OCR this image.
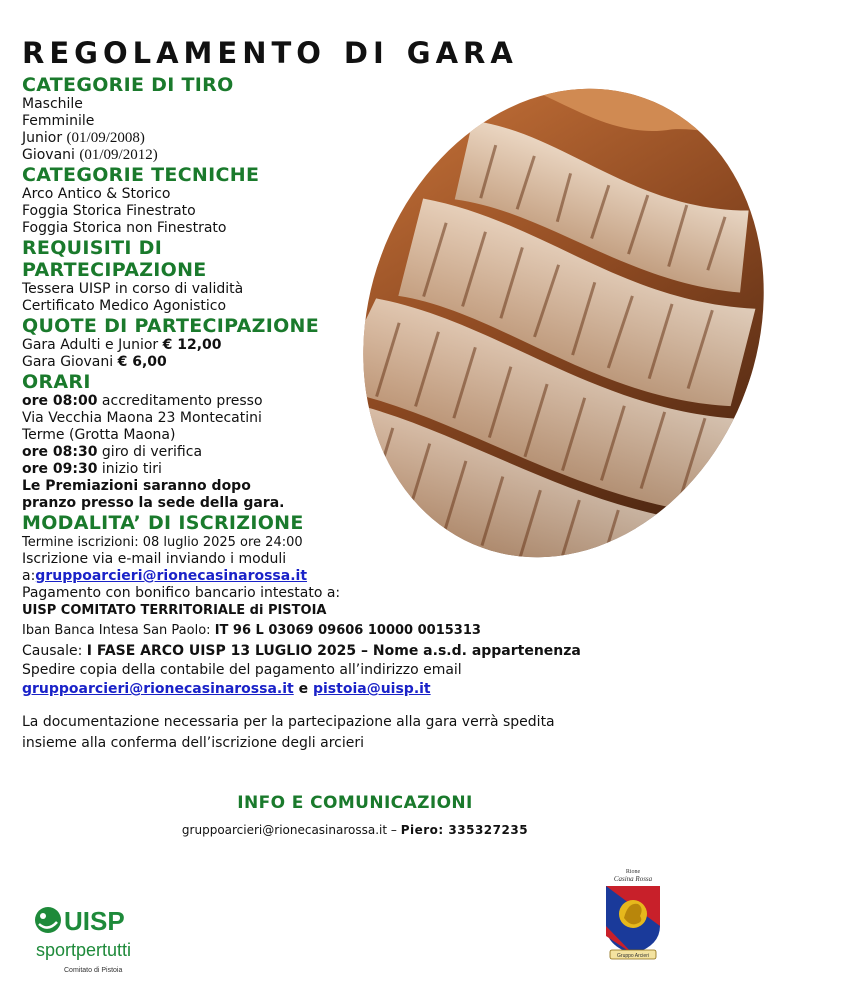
REGOLAMENTO DI GARA
CATEGORIE DI TIRO
Maschile
Femminile
Junior (01/09/2008)
Giovani (01/09/2012)
CATEGORIE TECNICHE
Arco Antico & Storico
Foggia Storica Finestrato
Foggia Storica non Finestrato
REQUISITI DI
PARTECIPAZIONE
Tessera UISP in corso di validità
Certificato Medico Agonistico
QUOTE DI PARTECIPAZIONE
Gara Adulti e Junior € 12,00
Gara Giovani € 6,00
ORARI
ore 08:00 accreditamento presso
Via Vecchia Maona 23 Montecatini
Terme (Grotta Maona)
ore 08:30 giro di verifica
ore 09:30 inizio tiri
Le Premiazioni saranno dopo
pranzo presso la sede della gara.
MODALITA’ DI ISCRIZIONE
Termine iscrizioni: 08 luglio 2025 ore 24:00
Iscrizione via e-mail inviando i moduli
a:gruppoarcieri@rionecasinarossa.it
Pagamento con bonifico bancario intestato a:
UISP COMITATO TERRITORIALE di PISTOIA
Iban Banca Intesa San Paolo: IT 96 L 03069 09606 10000 0015313
Causale: I FASE ARCO UISP 13 LUGLIO 2025 – Nome a.s.d. appartenenza
Spedire copia della contabile del pagamento all’indirizzo email
gruppoarcieri@rionecasinarossa.it e pistoia@uisp.it
La documentazione necessaria per la partecipazione alla gara verrà spedita
insieme alla conferma dell’iscrizione degli arcieri
INFO E COMUNICAZIONI
gruppoarcieri@rionecasinarossa.it – Piero: 335327235
UISP
sportpertutti
Comitato di Pistoia
Rione
Casina Rossa
Gruppo Arcieri
